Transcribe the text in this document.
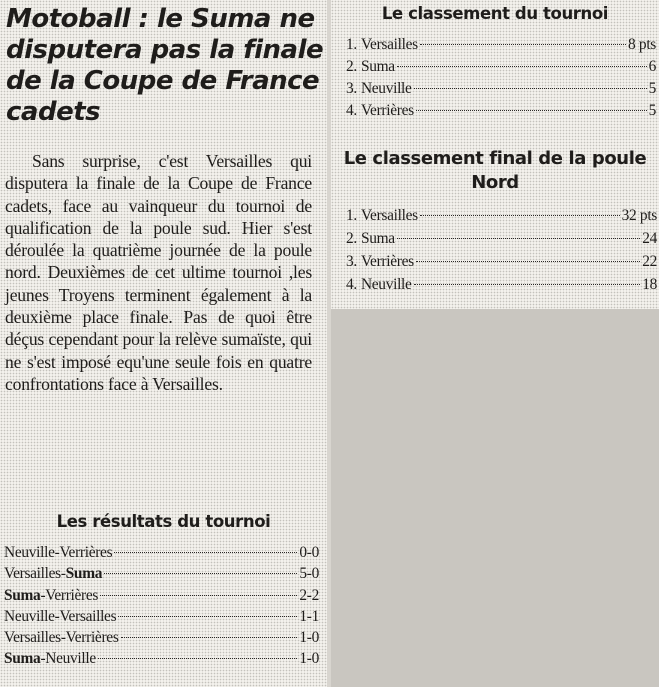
Motoball : le Suma ne disputera pas la finale de la Coupe de France cadets

Sans surprise, c'est Versailles qui disputera la finale de la Coupe de France cadets, face au vainqueur du tournoi de qualification de la poule sud. Hier s'est déroulée la quatrième journée de la poule nord. Deuxièmes de cet ultime tournoi ,les jeunes Troyens terminent également à la deuxième place finale. Pas de quoi être déçus cependant pour la relève sumaïste, qui ne s'est imposé equ'une seule fois en quatre confrontations face à Versailles.

Les résultats du tournoi
Neuville - Verrières	0-0
Versailles - Suma	5-0
Suma - Verrières	2-2
Neuville - Versailles	1-1
Versailles - Verrières	1-0
Suma - Neuville	1-0
Le classement du tournoi
1. Versailles	8 pts
2. Suma	6
3. Neuville	5
4. Verrières	5
Le classement final de la poule Nord
1. Versailles	32 pts
2. Suma	24
3. Verrières	22
4. Neuville	18
